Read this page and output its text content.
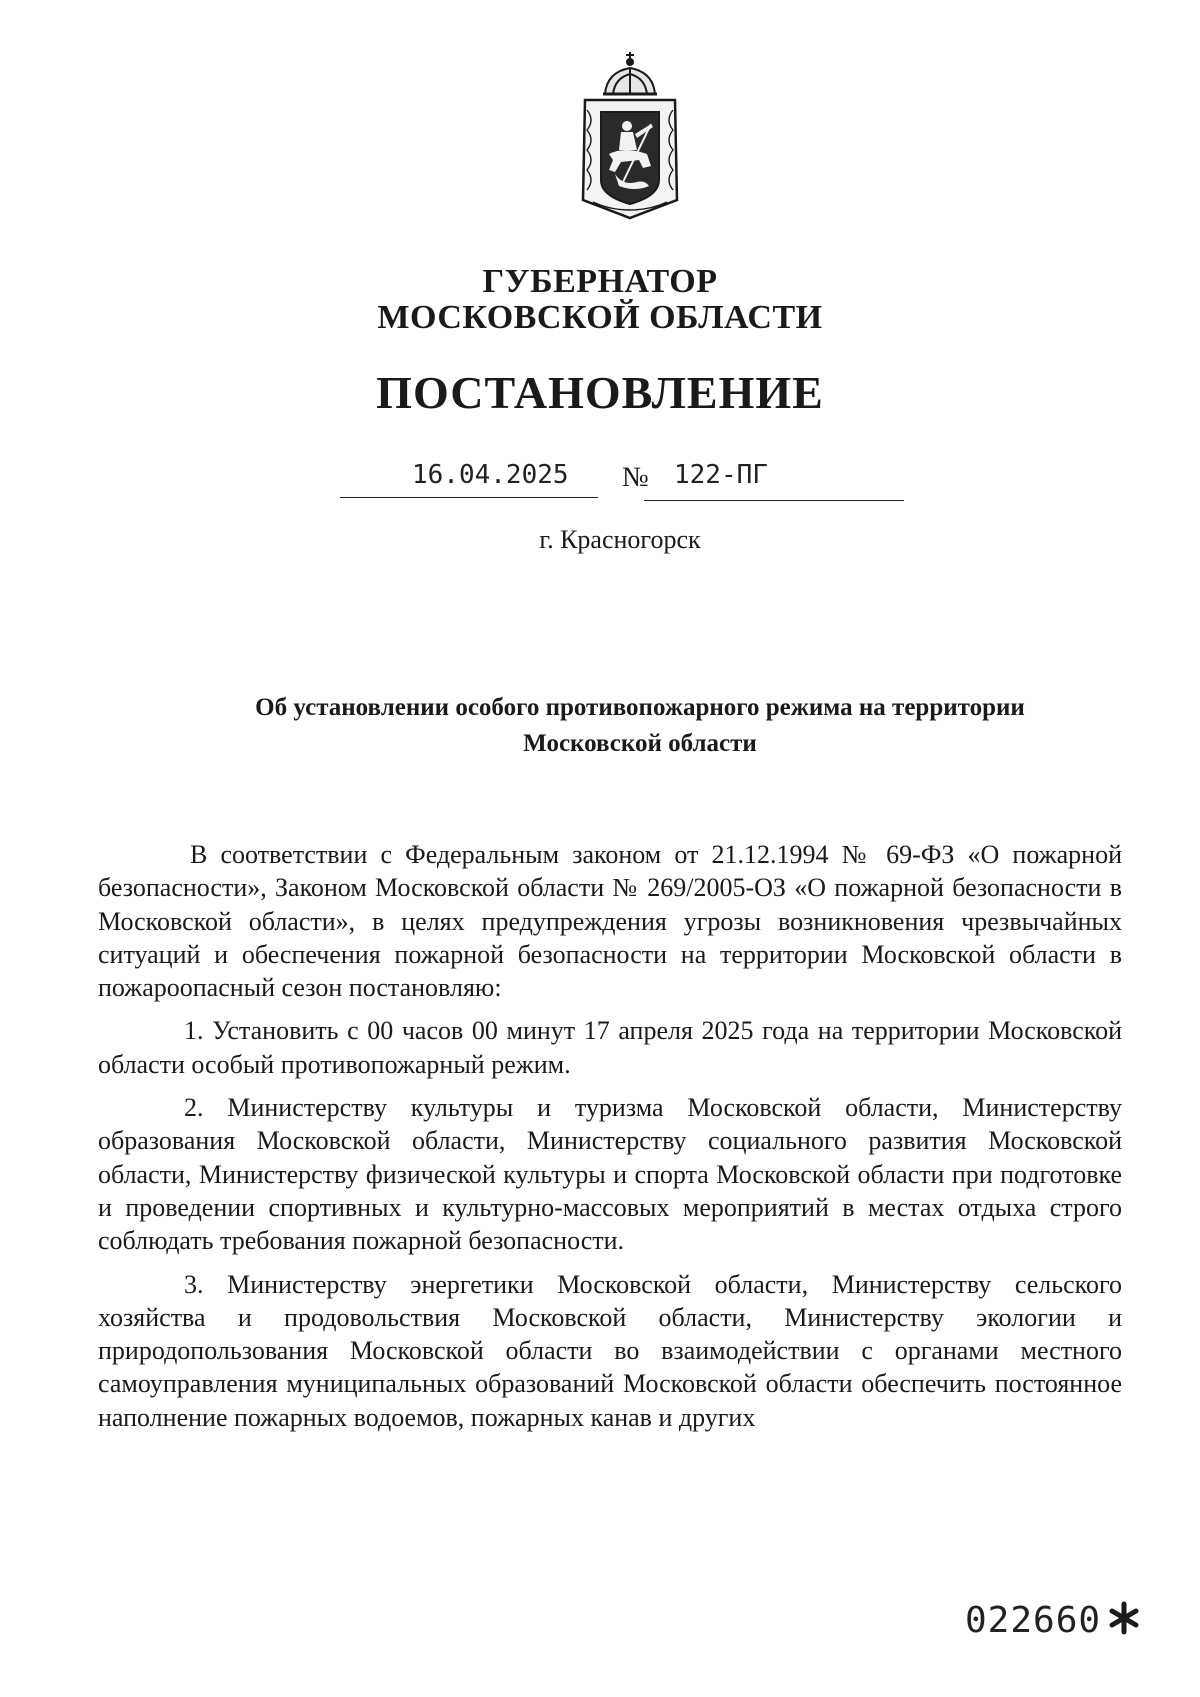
ГУБЕРНАТОР
МОСКОВСКОЙ ОБЛАСТИ
ПОСТАНОВЛЕНИЕ
16.04.2025 № 122-ПГ
г. Красногорск
Об установлении особого противопожарного режима на территории
Московской области

В соответствии с Федеральным законом от 21.12.1994 № 69-ФЗ «О пожарной безопасности», Законом Московской области № 269/2005-ОЗ «О пожарной безопасности в Московской области», в целях предупреждения угрозы возникновения чрезвычайных ситуаций и обеспечения пожарной безопасности на территории Московской области в пожароопасный сезон постановляю:

1. Установить с 00 часов 00 минут 17 апреля 2025 года на территории Московской области особый противопожарный режим.

2. Министерству культуры и туризма Московской области, Министерству образования Московской области, Министерству социального развития Московской области, Министерству физической культуры и спорта Московской области при подготовке и проведении спортивных и культурно-массовых мероприятий в местах отдыха строго соблюдать требования пожарной безопасности.

3. Министерству энергетики Московской области, Министерству сельского хозяйства и продовольствия Московской области, Министерству экологии и природопользования Московской области во взаимодействии с органами местного самоуправления муниципальных образований Московской области обеспечить постоянное наполнение пожарных водоемов, пожарных канав и других

022660
